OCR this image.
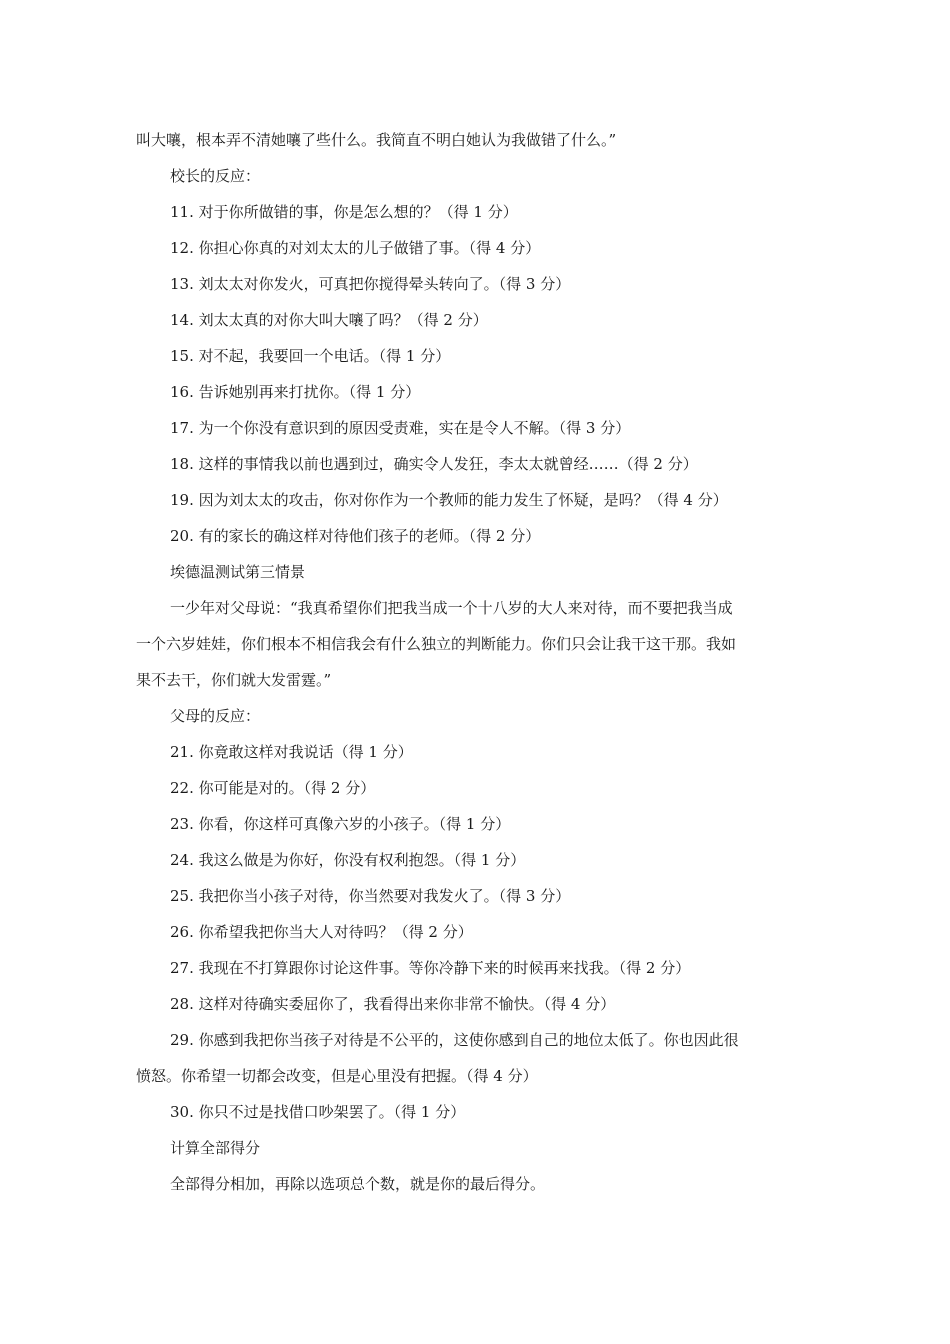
叫大嚷，根本弄不清她嚷了些什么。我简直不明白她认为我做错了什么。”
校长的反应：
11. 对于你所做错的事，你是怎么想的？（得 1 分）
12. 你担心你真的对刘太太的儿子做错了事。（得 4 分）
13. 刘太太对你发火，可真把你搅得晕头转向了。（得 3 分）
14. 刘太太真的对你大叫大嚷了吗？（得 2 分）
15. 对不起，我要回一个电话。（得 1 分）
16. 告诉她别再来打扰你。（得 1 分）
17. 为一个你没有意识到的原因受责难，实在是令人不解。（得 3 分）
18. 这样的事情我以前也遇到过，确实令人发狂，李太太就曾经……（得 2 分）
19. 因为刘太太的攻击，你对你作为一个教师的能力发生了怀疑，是吗？（得 4 分）
20. 有的家长的确这样对待他们孩子的老师。（得 2 分）
埃德温测试第三情景
一少年对父母说：“我真希望你们把我当成一个十八岁的大人来对待，而不要把我当成
一个六岁娃娃，你们根本不相信我会有什么独立的判断能力。你们只会让我干这干那。我如
果不去干，你们就大发雷霆。”
父母的反应：
21. 你竟敢这样对我说话（得 1 分）
22. 你可能是对的。（得 2 分）
23. 你看，你这样可真像六岁的小孩子。（得 1 分）
24. 我这么做是为你好，你没有权利抱怨。（得 1 分）
25. 我把你当小孩子对待，你当然要对我发火了。（得 3 分）
26. 你希望我把你当大人对待吗？（得 2 分）
27. 我现在不打算跟你讨论这件事。等你冷静下来的时候再来找我。（得 2 分）
28. 这样对待确实委屈你了，我看得出来你非常不愉快。（得 4 分）
29. 你感到我把你当孩子对待是不公平的，这使你感到自己的地位太低了。你也因此很
愤怒。你希望一切都会改变，但是心里没有把握。（得 4 分）
30. 你只不过是找借口吵架罢了。（得 1 分）
计算全部得分
全部得分相加，再除以选项总个数，就是你的最后得分。
